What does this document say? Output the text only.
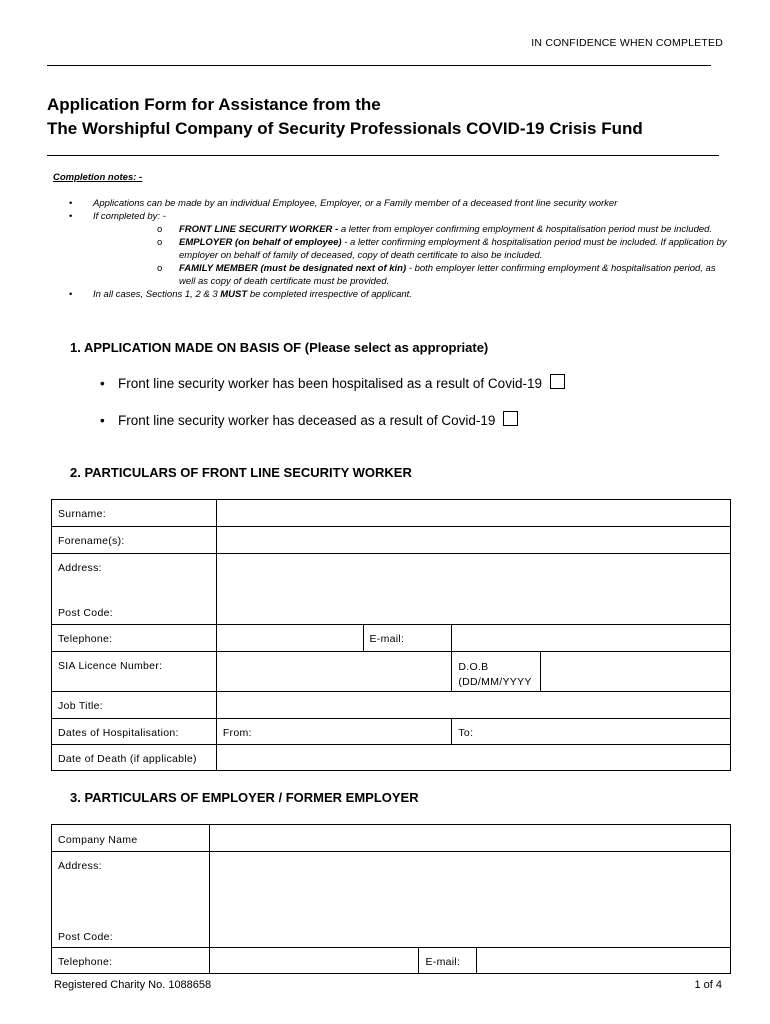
IN CONFIDENCE WHEN COMPLETED
Application Form for Assistance from the
The Worshipful Company of Security Professionals COVID-19 Crisis Fund
Completion notes: -
• Applications can be made by an individual Employee, Employer, or a Family member of a deceased front line security worker
• If completed by: -
o FRONT LINE SECURITY WORKER - a letter from employer confirming employment & hospitalisation period must be included.
o EMPLOYER (on behalf of employee) - a letter confirming employment & hospitalisation period must be included. If application by employer on behalf of family of deceased, copy of death certificate to also be included.
o FAMILY MEMBER (must be designated next of kin) - both employer letter confirming employment & hospitalisation period, as well as copy of death certificate must be provided.
• In all cases, Sections 1, 2 & 3 MUST be completed irrespective of applicant.
1. APPLICATION MADE ON BASIS OF (Please select as appropriate)
• Front line security worker has been hospitalised as a result of Covid-19
• Front line security worker has deceased as a result of Covid-19
2. PARTICULARS OF FRONT LINE SECURITY WORKER
Surname:				
Forename(s):				

Address:
Post Code:				

Telephone:		E-mail:		
SIA Licence Number:			D.O.B
(DD/MM/YYYY	

Job Title:				
Dates of Hospitalisation:	From:		To:	
Date of Death (if applicable)				
3. PARTICULARS OF EMPLOYER / FORMER EMPLOYER
Company Name			

Address:
Post Code:			

Telephone:		E-mail:	
Registered Charity No. 1088658	1 of 4
